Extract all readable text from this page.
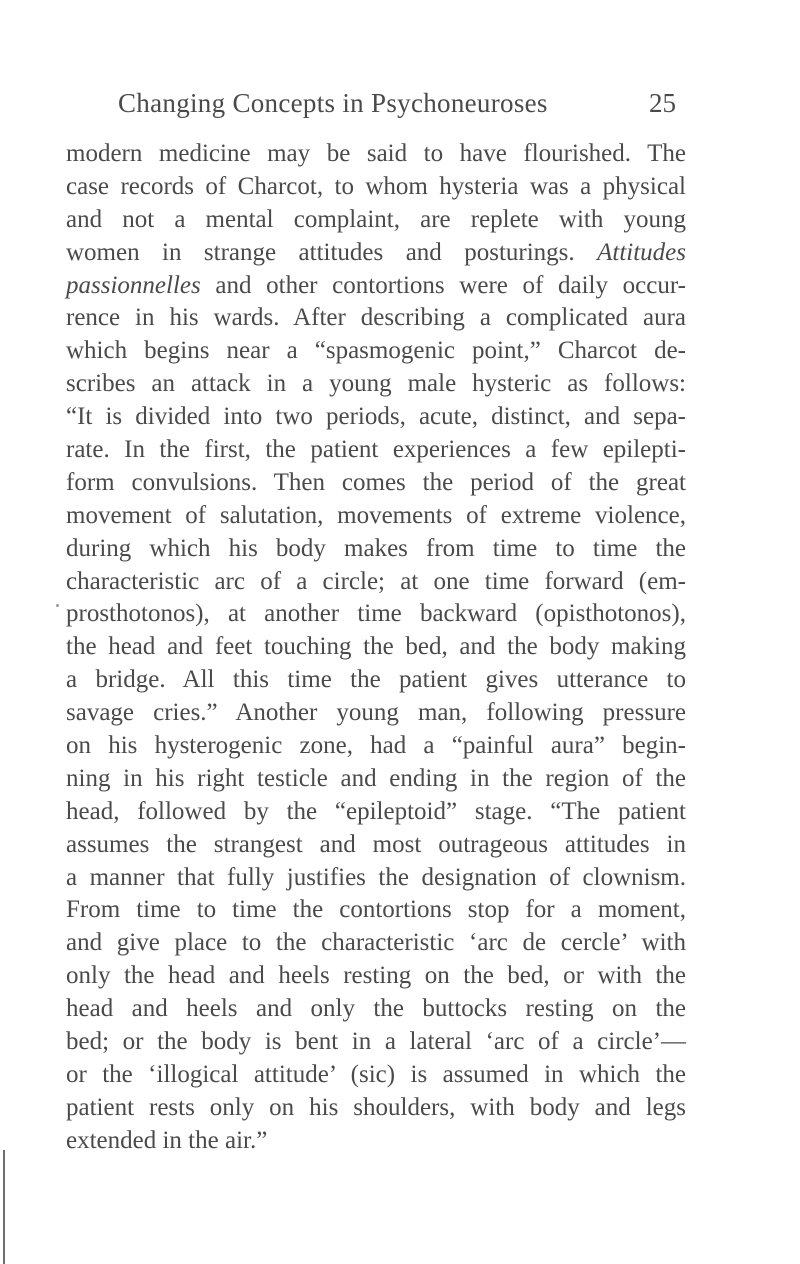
Changing Concepts in Psychoneuroses	25
modern medicine may be said to have flourished. The
case records of Charcot, to whom hysteria was a physical
and not a mental complaint, are replete with young
women in strange attitudes and posturings. Attitudes
passionnelles and other contortions were of daily occur-
rence in his wards. After describing a complicated aura
which begins near a “spasmogenic point,” Charcot de-
scribes an attack in a young male hysteric as follows:
“It is divided into two periods, acute, distinct, and sepa-
rate. In the first, the patient experiences a few epilepti-
form convulsions. Then comes the period of the great
movement of salutation, movements of extreme violence,
during which his body makes from time to time the
characteristic arc of a circle; at one time forward (em-
prosthotonos), at another time backward (opisthotonos),
the head and feet touching the bed, and the body making
a bridge. All this time the patient gives utterance to
savage cries.” Another young man, following pressure
on his hysterogenic zone, had a “painful aura” begin-
ning in his right testicle and ending in the region of the
head, followed by the “epileptoid” stage. “The patient
assumes the strangest and most outrageous attitudes in
a manner that fully justifies the designation of clownism.
From time to time the contortions stop for a moment,
and give place to the characteristic ‘arc de cercle’ with
only the head and heels resting on the bed, or with the
head and heels and only the buttocks resting on the
bed; or the body is bent in a lateral ‘arc of a circle’—
or the ‘illogical attitude’ (sic) is assumed in which the
patient rests only on his shoulders, with body and legs
extended in the air.”
